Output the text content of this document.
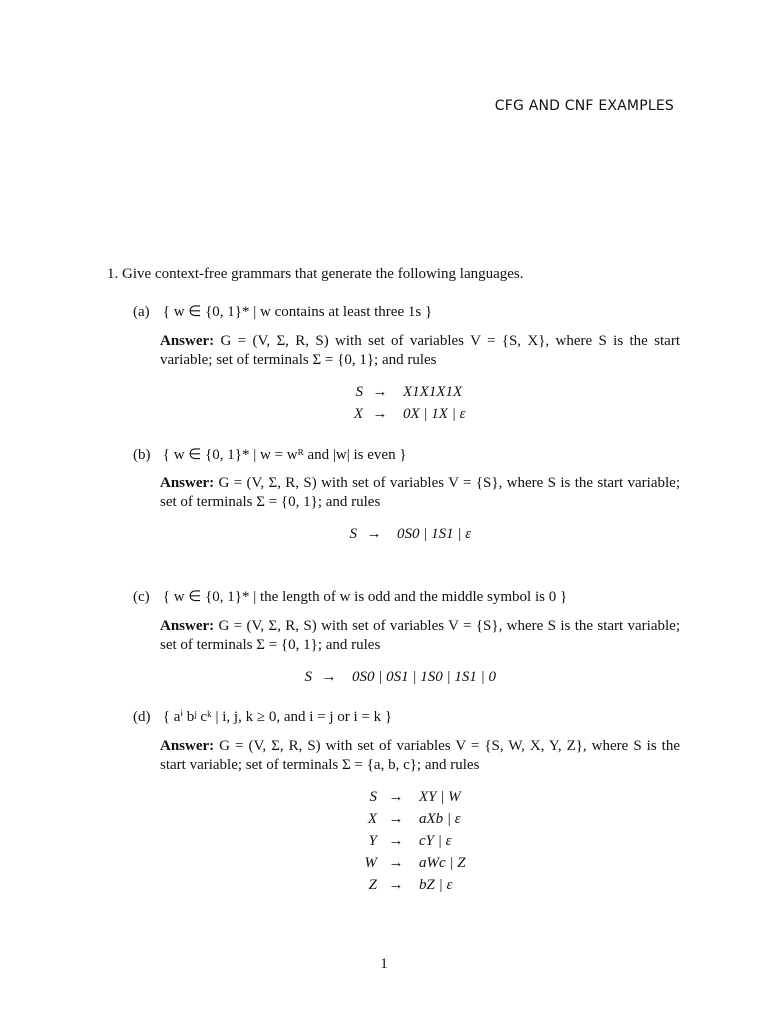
CFG AND CNF EXAMPLES
1. Give context-free grammars that generate the following languages.
(a) { w ∈ {0, 1}* | w contains at least three 1s }
Answer: G = (V, Σ, R, S) with set of variables V = {S, X}, where S is the start variable; set of terminals Σ = {0, 1}; and rules
S → X1X1X1X
X → 0X | 1X | ε
(b) { w ∈ {0, 1}* | w = wᴿ and |w| is even }
Answer: G = (V, Σ, R, S) with set of variables V = {S}, where S is the start variable; set of terminals Σ = {0, 1}; and rules
S → 0S0 | 1S1 | ε
(c) { w ∈ {0, 1}* | the length of w is odd and the middle symbol is 0 }
Answer: G = (V, Σ, R, S) with set of variables V = {S}, where S is the start variable; set of terminals Σ = {0, 1}; and rules
S → 0S0 | 0S1 | 1S0 | 1S1 | 0
(d) { aⁱ bʲ cᵏ | i, j, k ≥ 0, and i = j or i = k }
Answer: G = (V, Σ, R, S) with set of variables V = {S, W, X, Y, Z}, where S is the start variable; set of terminals Σ = {a, b, c}; and rules
S → XY | W
X → aXb | ε
Y → cY | ε
W → aWc | Z
Z → bZ | ε
1
